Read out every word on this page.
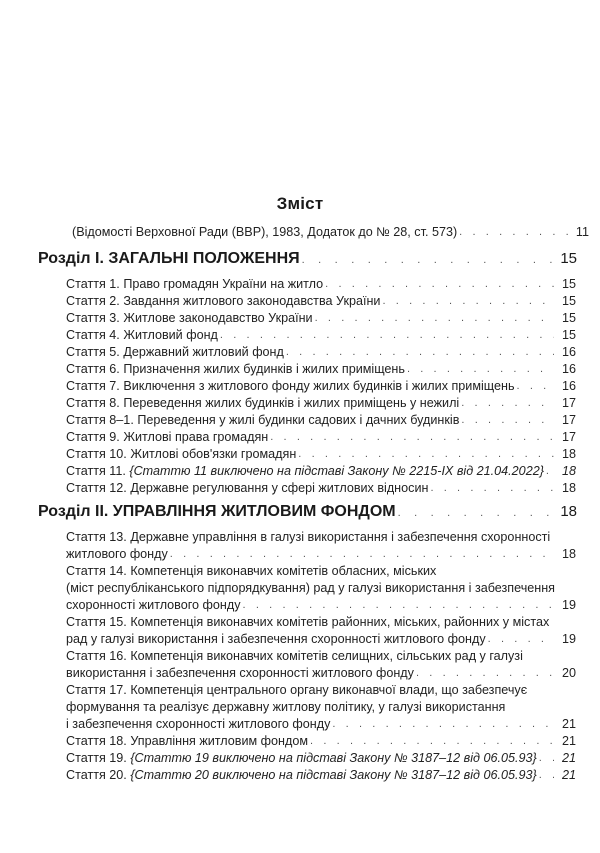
Зміст
(Відомості Верховної Ради (ВВР), 1983, Додаток до № 28, ст. 573) . . .	11
Розділ І. ЗАГАЛЬНІ ПОЛОЖЕННЯ . . .	15
Стаття 1. Право громадян України на житло . . .	15
Стаття 2. Завдання житлового законодавства України . . .	15
Стаття 3. Житлове законодавство України . . .	15
Стаття 4. Житловий фонд . . .	15
Стаття 5. Державний житловий фонд . . .	16
Стаття 6. Призначення жилих будинків і жилих приміщень . . .	16
Стаття 7. Виключення з житлового фонду жилих будинків і жилих приміщень . . .	16
Стаття 8. Переведення жилих будинків і жилих приміщень у нежилі . . .	17
Стаття 8–1. Переведення у жилі будинки садових і дачних будинків . . .	17
Стаття 9. Житлові права громадян . . .	17
Стаття 10. Житлові обов'язки громадян . . .	18
Стаття 11. {Статтю 11 виключено на підставі Закону № 2215-IX від 21.04.2022} . . .	18
Стаття 12. Державне регулювання у сфері житлових відносин . . .	18
Розділ ІІ. УПРАВЛІННЯ ЖИТЛОВИМ ФОНДОМ . . .	18
Стаття 13. Державне управління в галузі використання і забезпечення схоронності
житлового фонду . . .	18
Стаття 14. Компетенція виконавчих комітетів обласних, міських
(міст республіканського підпорядкування) рад у галузі використання і забезпечення
схоронності житлового фонду . . .	19
Стаття 15. Компетенція виконавчих комітетів районних, міських, районних у містах
рад у галузі використання і забезпечення схоронності житлового фонду . . .	19
Стаття 16. Компетенція виконавчих комітетів селищних, сільських рад у галузі
використання і забезпечення схоронності житлового фонду . . .	20
Стаття 17. Компетенція центрального органу виконавчої влади, що забезпечує
формування та реалізує державну житлову політику, у галузі використання
і забезпечення схоронності житлового фонду . . .	21
Стаття 18. Управління житловим фондом . . .	21
Стаття 19. {Статтю 19 виключено на підставі Закону № 3187–12 від 06.05.93} . . .	21
Стаття 20. {Статтю 20 виключено на підставі Закону № 3187–12 від 06.05.93} . . .	21
